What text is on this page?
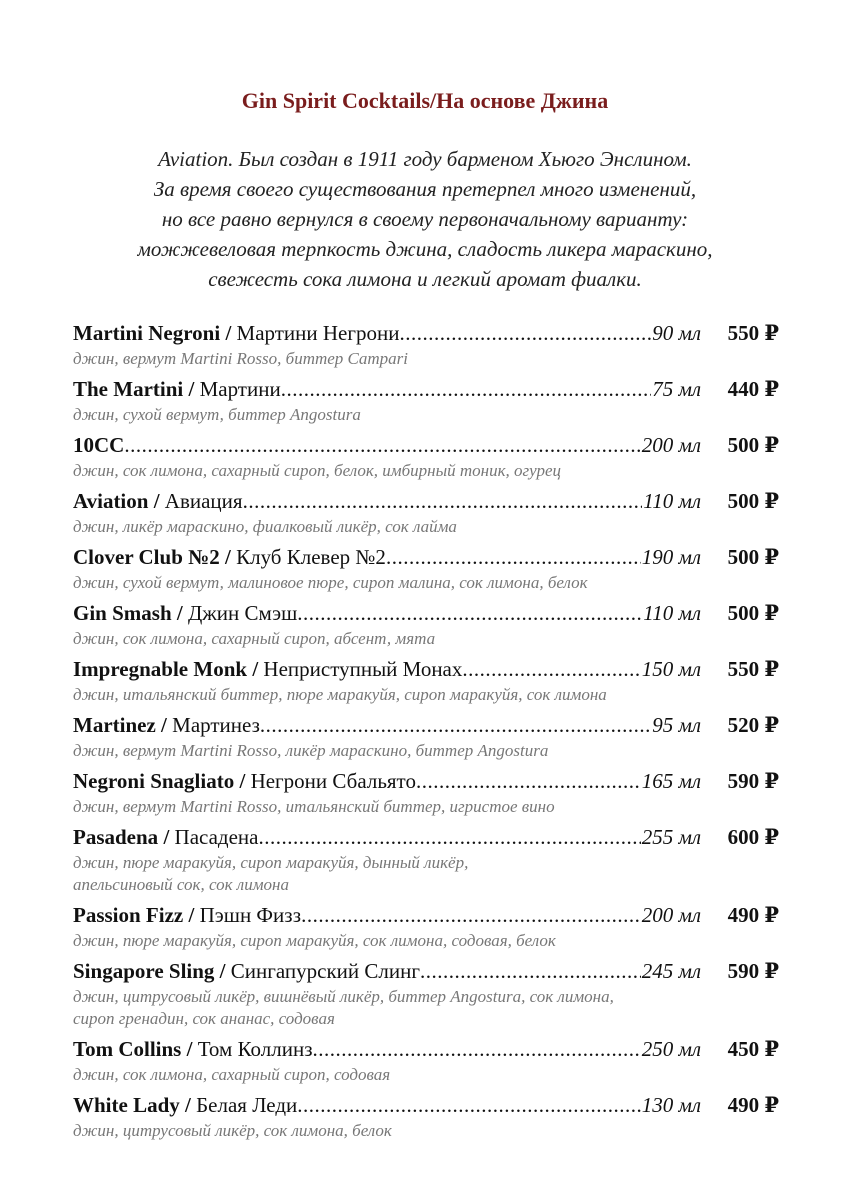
Gin Spirit Cocktails/На основе Джина
Aviation. Был создан в 1911 году барменом Хьюго Энслином.
За время своего существования претерпел много изменений,
но все равно вернулся в своему первоначальному варианту:
можжевеловая терпкость джина, сладость ликера мараскино,
свежесть сока лимона и легкий аромат фиалки.
Martini Negroni / Мартини Негрони .....	90 мл	550 ₽
джин, вермут Martini Rosso, биттер Campari
The Martini / Мартини .....	75 мл	440 ₽
джин, сухой вермут, биттер Angostura
10CC .....	200 мл	500 ₽
джин, сок лимона, сахарный сироп, белок, имбирный тоник, огурец
Aviation / Авиация .....	110 мл	500 ₽
джин, ликёр мараскино, фиалковый ликёр, сок лайма
Clover Club №2 / Клуб Клевер №2 .....	190 мл	500 ₽
джин, сухой вермут, малиновое пюре, сироп малина, сок лимона, белок
Gin Smash / Джин Смэш .....	110 мл	500 ₽
джин, сок лимона, сахарный сироп, абсент, мята
Impregnable Monk / Неприступный Монах .....	150 мл	550 ₽
джин, итальянский биттер, пюре маракуйя, сироп маракуйя, сок лимона
Martinez / Мартинез .....	95 мл	520 ₽
джин, вермут Martini Rosso, ликёр мараскино, биттер Angostura
Negroni Snagliato / Негрони Сбальято .....	165 мл	590 ₽
джин, вермут Martini Rosso, итальянский биттер, игристое вино
Pasadena / Пасадена .....	255 мл	600 ₽
джин, пюре маракуйя, сироп маракуйя, дынный ликёр,
апельсиновый сок, сок лимона
Passion Fizz / Пэшн Физз .....	200 мл	490 ₽
джин, пюре маракуйя, сироп маракуйя, сок лимона, содовая, белок
Singapore Sling / Сингапурский Слинг .....	245 мл	590 ₽
джин, цитрусовый ликёр, вишнёвый ликёр, биттер Angostura, сок лимона,
сироп гренадин, сок ананас, содовая
Tom Collins / Том Коллинз .....	250 мл	450 ₽
джин, сок лимона, сахарный сироп, содовая
White Lady / Белая Леди .....	130 мл	490 ₽
джин, цитрусовый ликёр, сок лимона, белок
